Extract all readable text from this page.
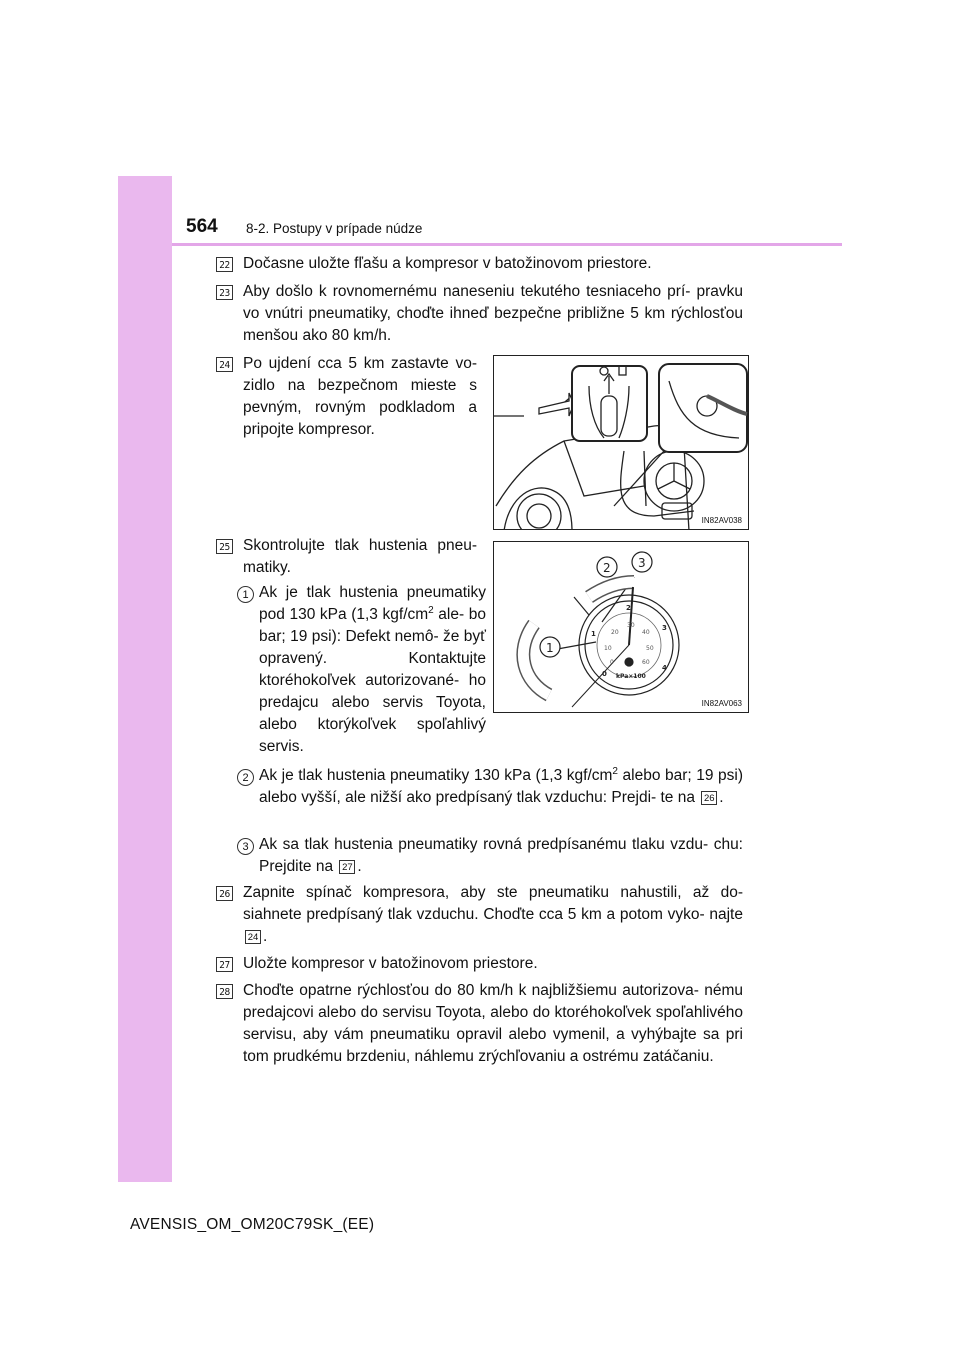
564 8-2. Postupy v prípade núdze
22 Dočasne uložte fľašu a kompresor v batožinovom priestore.
23 Aby došlo k rovnomernému naneseniu tekutého tesniaceho prí- pravku vo vnútri pneumatiky, choďte ihneď bezpečne približne 5 km rýchlosťou menšou ako 80 km/h.
24 Po ujdení cca 5 km zastavte vo- zidlo na bezpečnom mieste s pevným, rovným podkladom a pripojte kompresor.
IN82AV038
25 Skontrolujte tlak hustenia pneu- matiky.
1 Ak je tlak hustenia pneumatiky pod 130 kPa (1,3 kgf/$cm^2$ ale- bo bar; 19 psi): Defekt nemô- že byť opravený. Kontaktujte ktoréhokoľvek autorizované- ho predajcu alebo servis Toyota, alebo ktorýkoľvek spoľahlivý servis.
1
2 3
0
1
2
3
4
0
10
20
30
40
50
60
kPa×100
IN82AV063
2 Ak je tlak hustenia pneumatiky 130 kPa (1,3 kgf/$cm^2$ alebo bar; 19 psi) alebo vyšší, ale nižší ako predpísaný tlak vzduchu: Prejdi- te na 26 .
3 Ak sa tlak hustenia pneumatiky rovná predpísanému tlaku vzdu- chu: Prejdite na 27 .
26 Zapnite spínač kompresora, aby ste pneumatiku nahustili, až do- siahnete predpísaný tlak vzduchu. Choďte cca 5 km a potom vyko- najte 24 .
27 Uložte kompresor v batožinovom priestore.
28 Choďte opatrne rýchlosťou do 80 km/h k najbližšiemu autorizova- nému predajcovi alebo do servisu Toyota, alebo do ktoréhokoľvek spoľahlivého servisu, aby vám pneumatiku opravil alebo vymenil, a vyhýbajte sa pri tom prudkému brzdeniu, náhlemu zrýchľovaniu a ostrému zatáčaniu.
AVENSIS_OM_OM20C79SK_(EE)
